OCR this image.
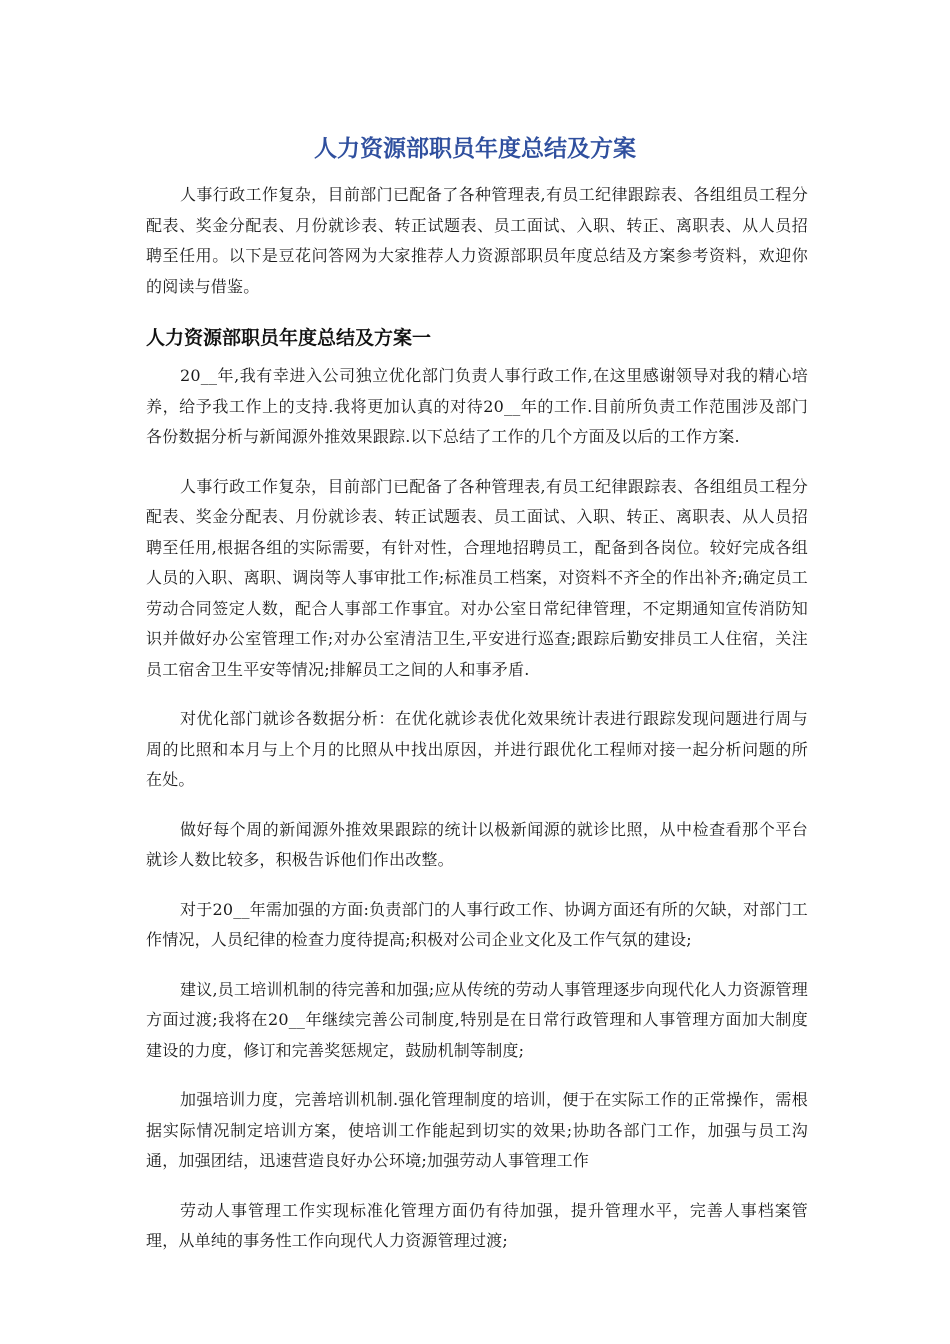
人力资源部职员年度总结及方案

人事行政工作复杂，目前部门已配备了各种管理表,有员工纪律跟踪表、各组组员工程分配表、奖金分配表、月份就诊表、转正试题表、员工面试、入职、转正、离职表、从人员招聘至任用。以下是豆花问答网为大家推荐人力资源部职员年度总结及方案参考资料，欢迎你的阅读与借鉴。

人力资源部职员年度总结及方案一

20__年,我有幸进入公司独立优化部门负责人事行政工作,在这里感谢领导对我的精心培养，给予我工作上的支持.我将更加认真的对待20__年的工作.目前所负责工作范围涉及部门各份数据分析与新闻源外推效果跟踪.以下总结了工作的几个方面及以后的工作方案.

人事行政工作复杂，目前部门已配备了各种管理表,有员工纪律跟踪表、各组组员工程分配表、奖金分配表、月份就诊表、转正试题表、员工面试、入职、转正、离职表、从人员招聘至任用,根据各组的实际需要，有针对性，合理地招聘员工，配备到各岗位。较好完成各组人员的入职、离职、调岗等人事审批工作;标准员工档案，对资料不齐全的作出补齐;确定员工劳动合同签定人数，配合人事部工作事宜。对办公室日常纪律管理，不定期通知宣传消防知识并做好办公室管理工作;对办公室清洁卫生,平安进行巡查;跟踪后勤安排员工人住宿，关注员工宿舍卫生平安等情况;排解员工之间的人和事矛盾.

对优化部门就诊各数据分析：在优化就诊表优化效果统计表进行跟踪发现问题进行周与周的比照和本月与上个月的比照从中找出原因，并进行跟优化工程师对接一起分析问题的所在处。

做好每个周的新闻源外推效果跟踪的统计以极新闻源的就诊比照，从中检查看那个平台就诊人数比较多，积极告诉他们作出改整。

对于20__年需加强的方面:负责部门的人事行政工作、协调方面还有所的欠缺，对部门工作情况，人员纪律的检查力度待提高;积极对公司企业文化及工作气氛的建设;

建议,员工培训机制的待完善和加强;应从传统的劳动人事管理逐步向现代化人力资源管理方面过渡;我将在20__年继续完善公司制度,特别是在日常行政管理和人事管理方面加大制度建设的力度，修订和完善奖惩规定，鼓励机制等制度;

加强培训力度，完善培训机制.强化管理制度的培训，便于在实际工作的正常操作，需根据实际情况制定培训方案，使培训工作能起到切实的效果;协助各部门工作，加强与员工沟通，加强团结，迅速营造良好办公环境;加强劳动人事管理工作

劳动人事管理工作实现标准化管理方面仍有待加强，提升管理水平，完善人事档案管理，从单纯的事务性工作向现代人力资源管理过渡;
